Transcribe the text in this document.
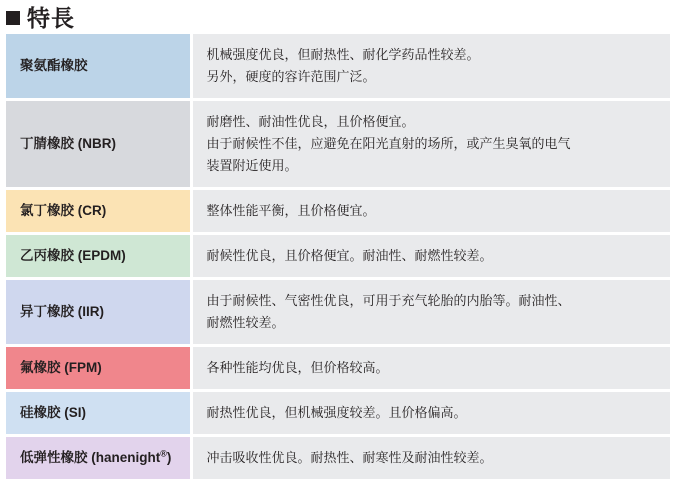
特長
聚氨酯橡胶	机械强度优良，但耐热性、耐化学药品性较差。
另外，硬度的容许范围广泛。

丁腈橡胶 (NBR)	耐磨性、耐油性优良，且价格便宜。
由于耐候性不佳，应避免在阳光直射的场所，或产生臭氧的电气
装置附近使用。

氯丁橡胶 (CR)	整体性能平衡，且价格便宜。

乙丙橡胶 (EPDM)	耐候性优良，且价格便宜。耐油性、耐燃性较差。

异丁橡胶 (IIR)	由于耐候性、气密性优良，可用于充气轮胎的内胎等。耐油性、
耐燃性较差。

氟橡胶 (FPM)	各种性能均优良，但价格较高。

硅橡胶 (SI)	耐热性优良，但机械强度较差。且价格偏高。

低弹性橡胶 (hanenight®)	冲击吸收性优良。耐热性、耐寒性及耐油性较差。
